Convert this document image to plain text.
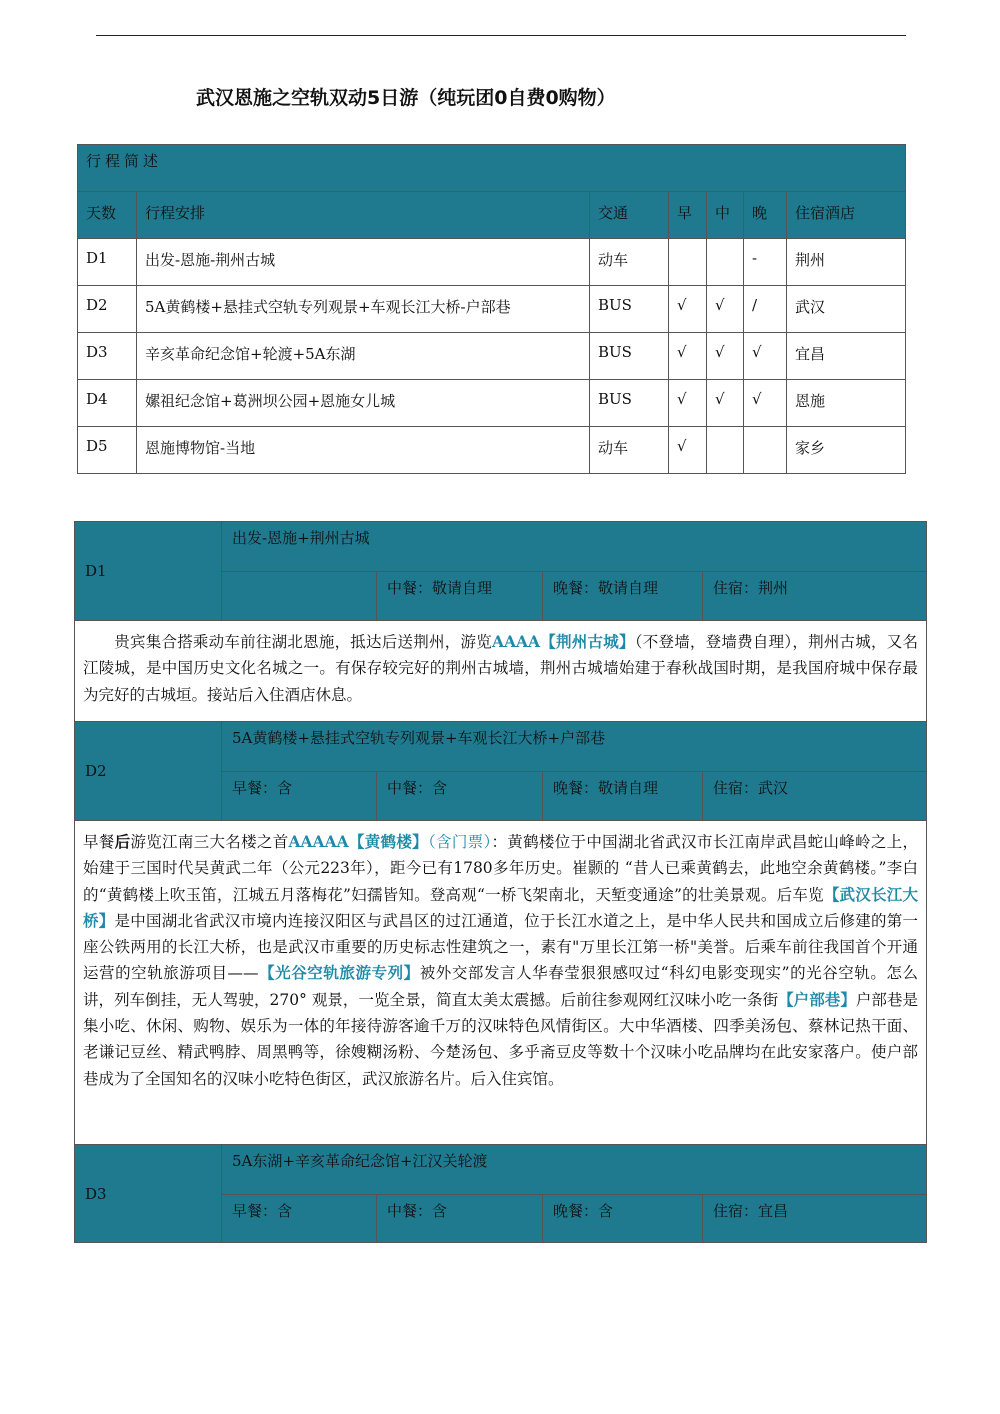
武汉恩施之空轨双动5日游（纯玩团0自费0购物）
行程简述						
天数	行程安排	交通	早	中	晚	住宿酒店
D1	出发-恩施-荆州古城	动车			-	荆州
D2	5A黄鹤楼+悬挂式空轨专列观景+车观长江大桥-户部巷	BUS	√	√	/	武汉
D3	辛亥革命纪念馆+轮渡+5A东湖	BUS	√	√	√	宜昌
D4	嫘祖纪念馆+葛洲坝公园+恩施女儿城	BUS	√	√	√	恩施
D5	恩施博物馆-当地	动车	√			家乡
D1	出发-恩施+荆州古城			
		中餐：敬请自理	晚餐：敬请自理	住宿：荆州
贵宾集合搭乘动车前往湖北恩施，抵达后送荆州，游览AAAA【荆州古城】（不登墙，登墙费自理），荆州古城，又名江陵城，是中国历史文化名城之一。有保存较完好的荆州古城墙，荆州古城墙始建于春秋战国时期，是我国府城中保存最为完好的古城垣。接站后入住酒店休息。				
D2	5A黄鹤楼+悬挂式空轨专列观景+车观长江大桥+户部巷			
	早餐：含	中餐：含	晚餐：敬请自理	住宿：武汉
早餐后游览江南三大名楼之首AAAAA【黄鹤楼】（含门票）：黄鹤楼位于中国湖北省武汉市长江南岸武昌蛇山峰岭之上，始建于三国时代吴黄武二年（公元223年），距今已有1780多年历史。崔颢的 “昔人已乘黄鹤去，此地空余黄鹤楼。”李白的“黄鹤楼上吹玉笛，江城五月落梅花”妇孺皆知。登高观“一桥飞架南北，天堑变通途”的壮美景观。后车览【武汉长江大桥】是中国湖北省武汉市境内连接汉阳区与武昌区的过江通道，位于长江水道之上，是中华人民共和国成立后修建的第一座公铁两用的长江大桥，也是武汉市重要的历史标志性建筑之一，素有"万里长江第一桥"美誉。后乘车前往我国首个开通运营的空轨旅游项目——【光谷空轨旅游专列】被外交部发言人华春莹狠狠感叹过“科幻电影变现实”的光谷空轨。怎么讲，列车倒挂，无人驾驶，270° 观景，一览全景，简直太美太震撼。后前往参观网红汉味小吃一条街【户部巷】户部巷是集小吃、休闲、购物、娱乐为一体的年接待游客逾千万的汉味特色风情街区。大中华酒楼、四季美汤包、蔡林记热干面、老谦记豆丝、精武鸭脖、周黑鸭等，徐嫂糊汤粉、今楚汤包、多乎斋豆皮等数十个汉味小吃品牌均在此安家落户。使户部巷成为了全国知名的汉味小吃特色街区，武汉旅游名片。后入住宾馆。				
D3	5A东湖+辛亥革命纪念馆+江汉关轮渡			
	早餐：含	中餐：含	晚餐：含	住宿：宜昌
